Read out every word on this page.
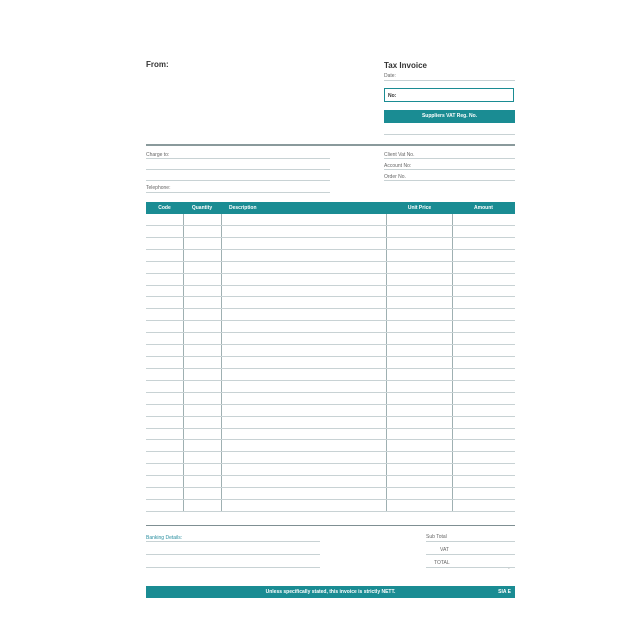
From:	Tax Invoice
Date:
No:
Suppliers VAT Reg. No.
Charge to:
Telephone:
Client Vat No.
Account No:
Order No.
Code	Quantity	Description	Unit Price	Amount
Banking Details:	Sub Total
VAT
TOTAL
-
Unless specifically stated, this invoice is strictly NETT.	SIA E
